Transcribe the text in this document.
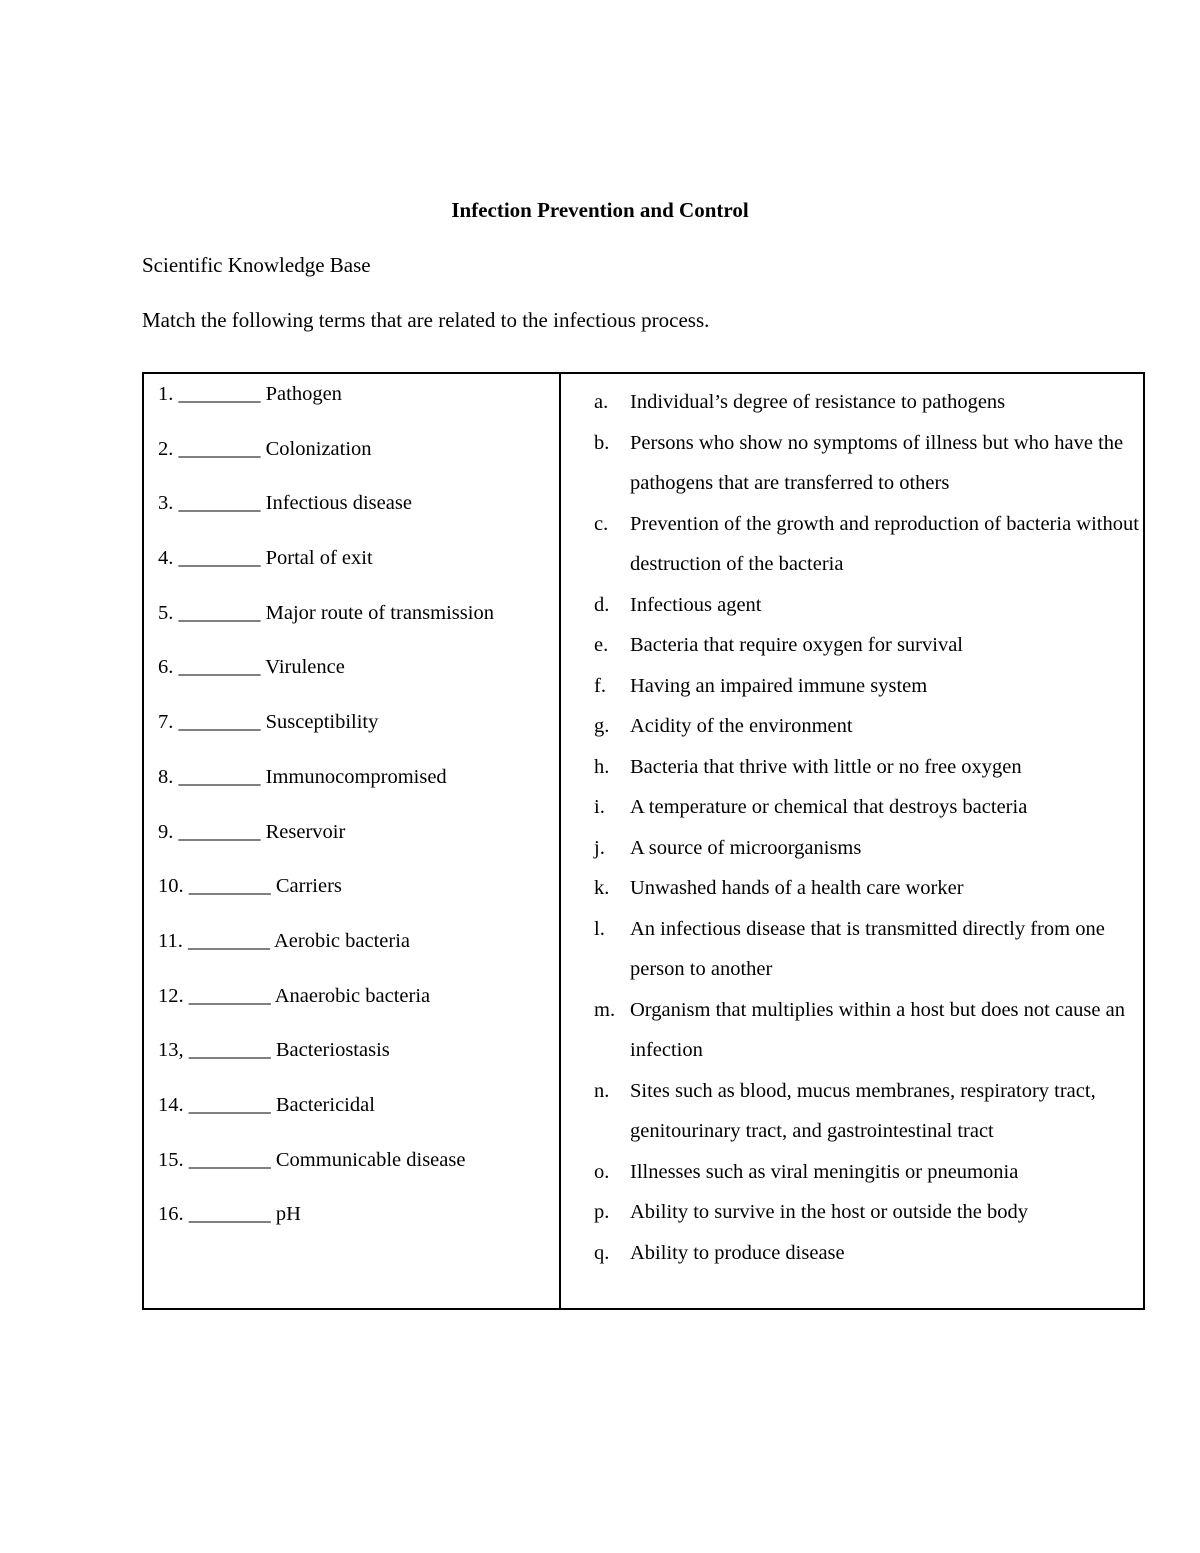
Infection Prevention and Control
Scientific Knowledge Base
Match the following terms that are related to the infectious process.
1. ________ Pathogen
2. ________ Colonization
3. ________ Infectious disease
4. ________ Portal of exit
5. ________ Major route of transmission
6. ________ Virulence
7. ________ Susceptibility
8. ________ Immunocompromised
9. ________ Reservoir
10. ________ Carriers
11. ________ Aerobic bacteria
12. ________ Anaerobic bacteria
13, ________ Bacteriostasis
14. ________ Bactericidal
15. ________ Communicable disease
16. ________ pH
a.	Individual’s degree of resistance to pathogens
b.	Persons who show no symptoms of illness but who have the pathogens that are transferred to others
c.	Prevention of the growth and reproduction of bacteria without destruction of the bacteria
d.	Infectious agent
e.	Bacteria that require oxygen for survival
f.	Having an impaired immune system
g.	Acidity of the environment
h.	Bacteria that thrive with little or no free oxygen
i.	A temperature or chemical that destroys bacteria
j.	A source of microorganisms
k.	Unwashed hands of a health care worker
l.	An infectious disease that is transmitted directly from one person to another
m. Organism that multiplies within a host but does not cause an infection
n.	Sites such as blood, mucus membranes, respiratory tract, genitourinary tract, and gastrointestinal tract
o.	Illnesses such as viral meningitis or pneumonia
p.	Ability to survive in the host or outside the body
q.	Ability to produce disease
